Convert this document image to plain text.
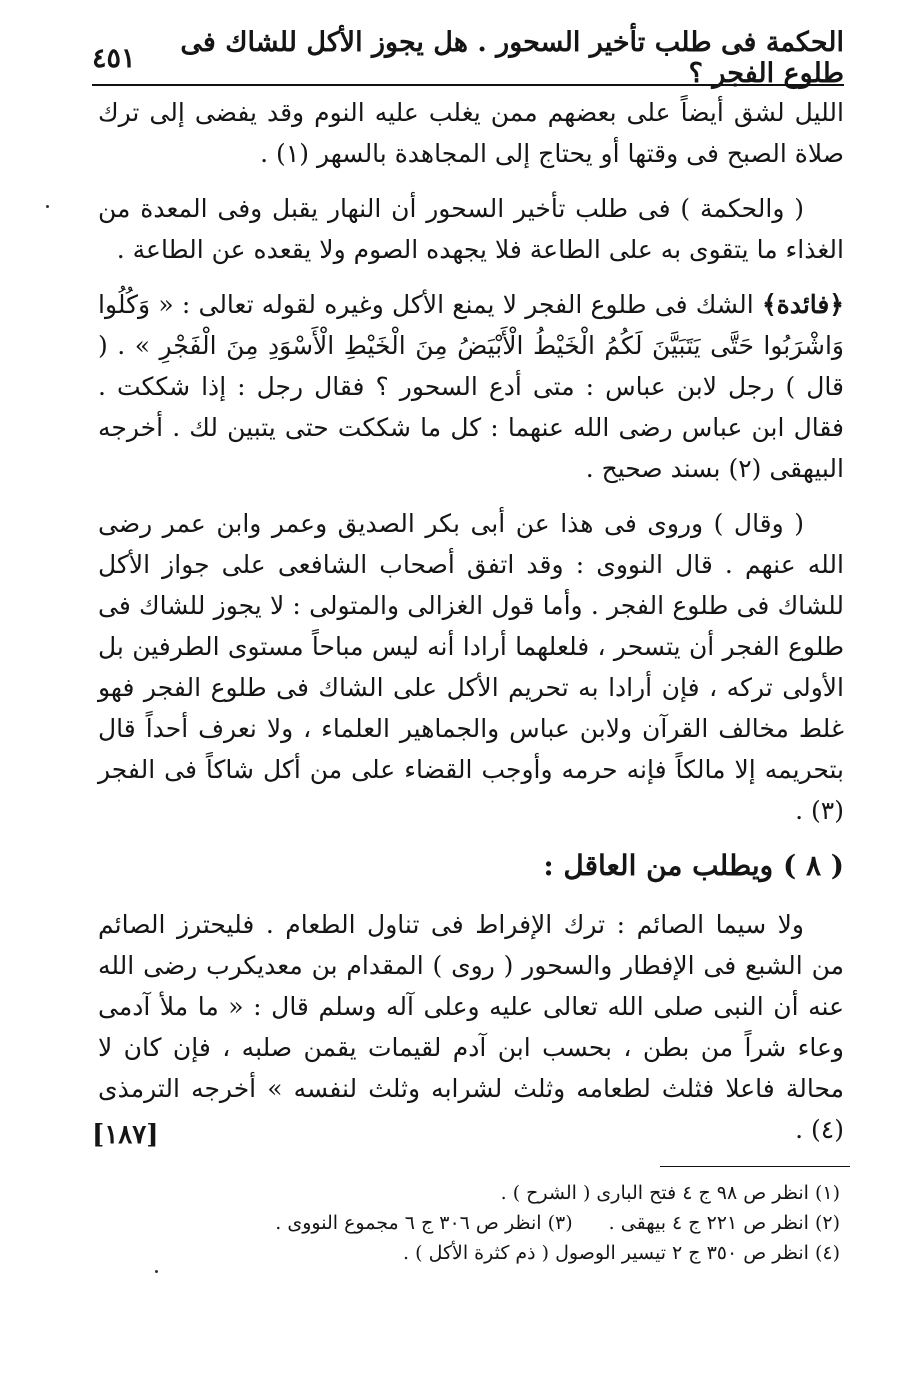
الحكمة فى طلب تأخير السحور . هل يجوز الأكل للشاك فى طلوع الفجر ؟
٤٥١

الليل لشق أيضاً على بعضهم ممن يغلب عليه النوم وقد يفضى إلى ترك صلاة الصبح فى وقتها أو يحتاج إلى المجاهدة بالسهر (١) .

( والحكمة ) فى طلب تأخير السحور أن النهار يقبل وفى المعدة من الغذاء ما يتقوى به على الطاعة فلا يجهده الصوم ولا يقعده عن الطاعة .

﴿فائدة﴾ الشك فى طلوع الفجر لا يمنع الأكل وغيره لقوله تعالى : « وَكُلُوا وَاشْرَبُوا حَتَّى يَتَبَيَّنَ لَكُمُ الْخَيْطُ الْأَبْيَضُ مِنَ الْخَيْطِ الْأَسْوَدِ مِنَ الْفَجْرِ » . ( قال ) رجل لابن عباس : متى أدع السحور ؟ فقال رجل : إذا شككت . فقال ابن عباس رضى الله عنهما : كل ما شككت حتى يتبين لك . أخرجه البيهقى (٢) بسند صحيح .

( وقال ) وروى فى هذا عن أبى بكر الصديق وعمر وابن عمر رضى الله عنهم . قال النووى : وقد اتفق أصحاب الشافعى على جواز الأكل للشاك فى طلوع الفجر . وأما قول الغزالى والمتولى : لا يجوز للشاك فى طلوع الفجر أن يتسحر ، فلعلهما أرادا أنه ليس مباحاً مستوى الطرفين بل الأولى تركه ، فإن أرادا به تحريم الأكل على الشاك فى طلوع الفجر فهو غلط مخالف القرآن ولابن عباس والجماهير العلماء ، ولا نعرف أحداً قال بتحريمه إلا مالكاً فإنه حرمه وأوجب القضاء على من أكل شاكاً فى الفجر (٣) .

( ٨ ) ويطلب من العاقل :

ولا سيما الصائم : ترك الإفراط فى تناول الطعام . فليحترز الصائم من الشبع فى الإفطار والسحور ( روى ) المقدام بن معديكرب رضى الله عنه أن النبى صلى الله تعالى عليه وعلى آله وسلم قال : « ما ملأ آدمى وعاء شراً من بطن ، بحسب ابن آدم لقيمات يقمن صلبه ، فإن كان لا محالة فاعلا فثلث لطعامه وثلث لشرابه وثلث لنفسه » أخرجه الترمذى (٤) .

[١٨٧]
(١) انظر ص ٩٨ ج ٤ فتح البارى ( الشرح ) .
(٢) انظر ص ٢٢١ ج ٤ بيهقى .
(٣) انظر ص ٣٠٦ ج ٦ مجموع النووى .
(٤) انظر ص ٣٥٠ ج ٢ تيسير الوصول ( ذم كثرة الأكل ) .
